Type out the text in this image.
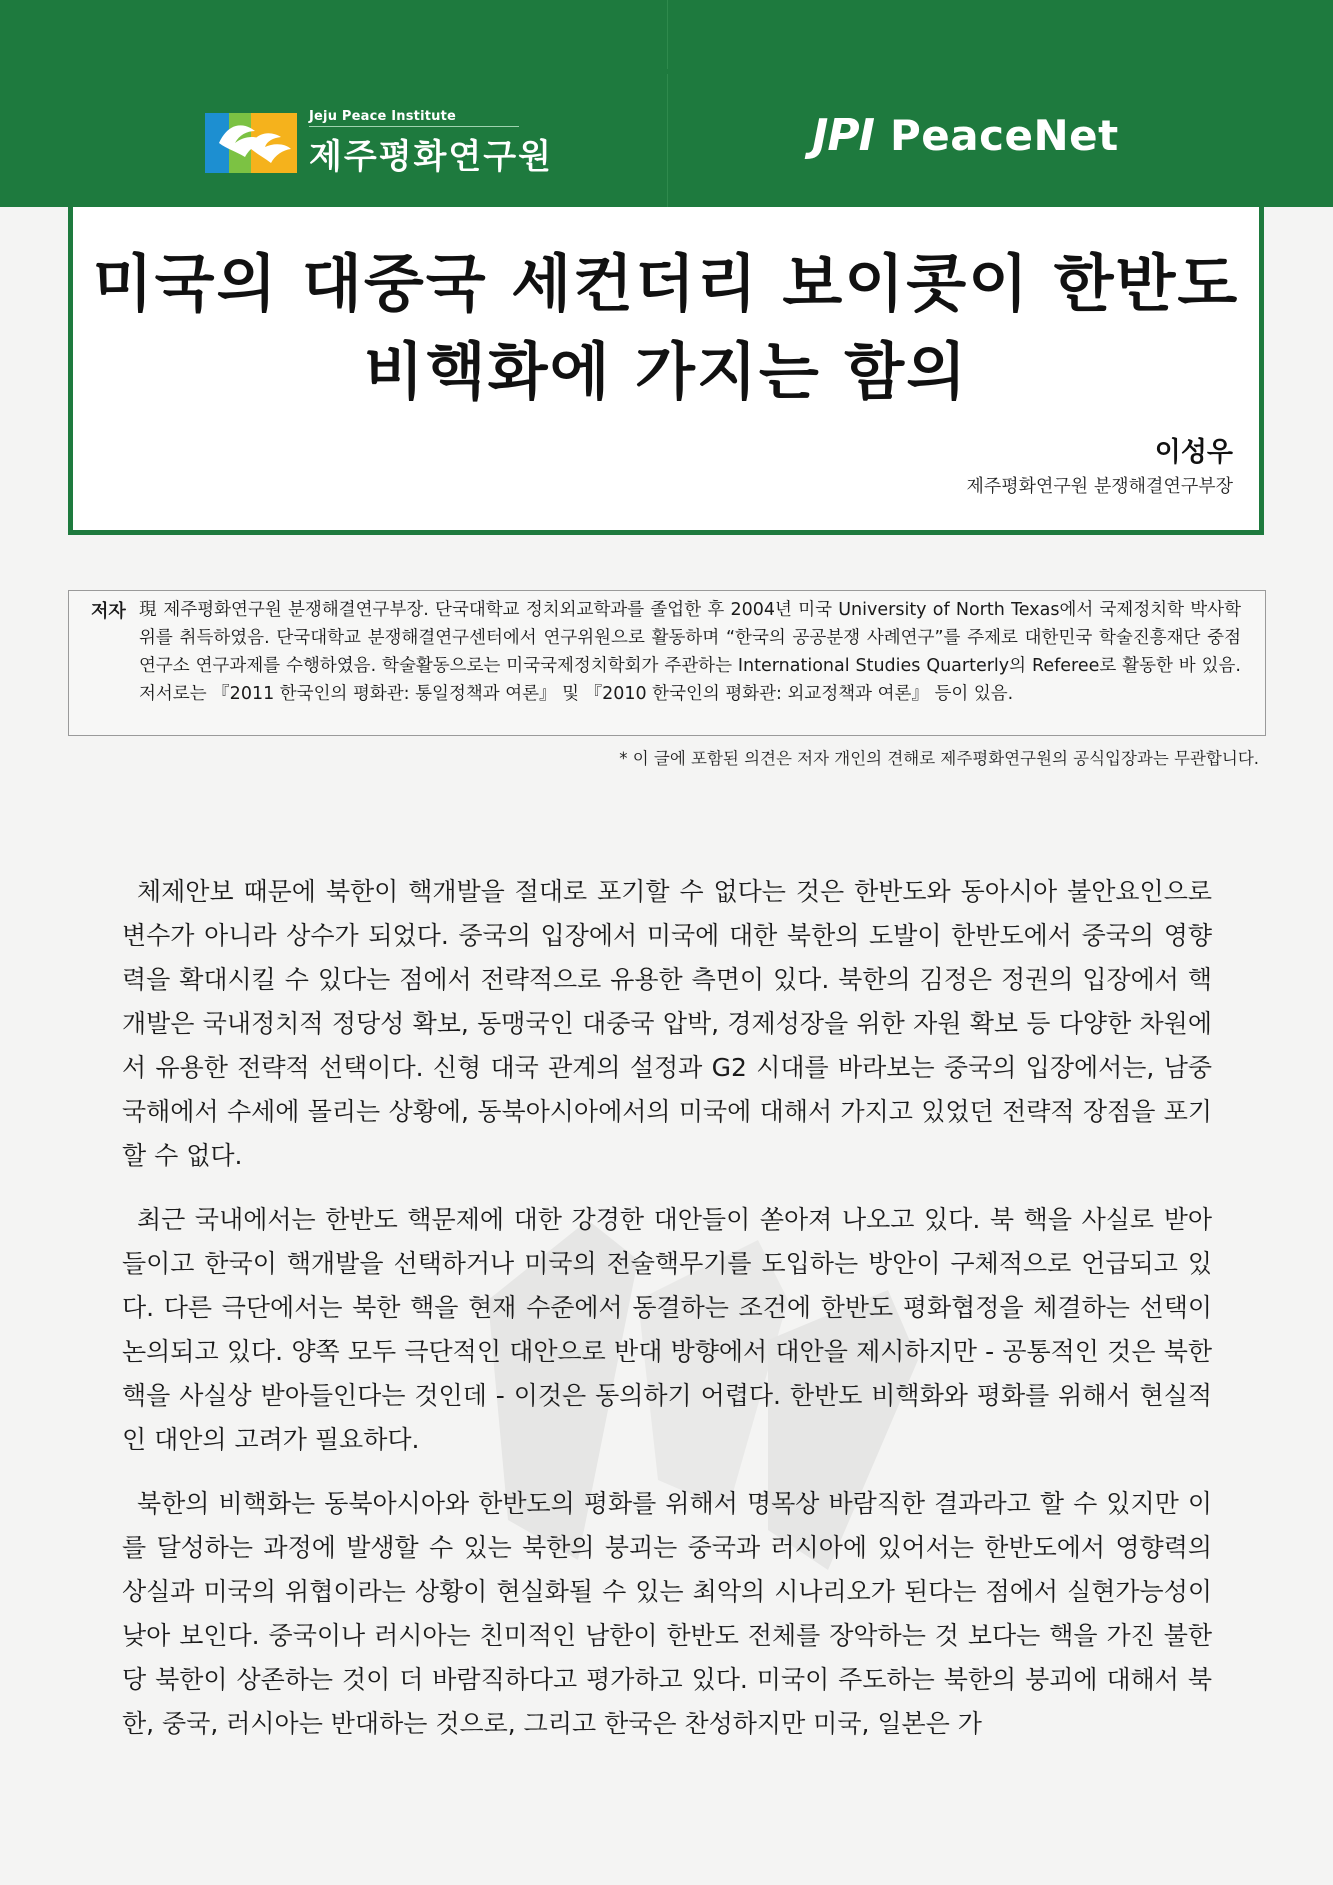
Jeju Peace Institute
제주평화연구원	JPI PeaceNet
미국의 대중국 세컨더리 보이콧이 한반도
비핵화에 가지는 함의
이성우
제주평화연구원 분쟁해결연구부장
저자 現 제주평화연구원 분쟁해결연구부장. 단국대학교 정치외교학과를 졸업한 후 2004년 미국 University of North Texas에서 국제정치학 박사학위를 취득하였음. 단국대학교 분쟁해결연구센터에서 연구위원으로 활동하며 “한국의 공공분쟁 사례연구”를 주제로 대한민국 학술진흥재단 중점연구소 연구과제를 수행하였음. 학술활동으로는 미국국제정치학회가 주관하는 International Studies Quarterly의 Referee로 활동한 바 있음. 저서로는 『2011 한국인의 평화관: 통일정책과 여론』 및 『2010 한국인의 평화관: 외교정책과 여론』 등이 있음.
* 이 글에 포함된 의견은 저자 개인의 견해로 제주평화연구원의 공식입장과는 무관합니다.

체제안보 때문에 북한이 핵개발을 절대로 포기할 수 없다는 것은 한반도와 동아시아 불안요인으로 변수가 아니라 상수가 되었다. 중국의 입장에서 미국에 대한 북한의 도발이 한반도에서 중국의 영향력을 확대시킬 수 있다는 점에서 전략적으로 유용한 측면이 있다. 북한의 김정은 정권의 입장에서 핵개발은 국내정치적 정당성 확보, 동맹국인 대중국 압박, 경제성장을 위한 자원 확보 등 다양한 차원에서 유용한 전략적 선택이다. 신형 대국 관계의 설정과 G2 시대를 바라보는 중국의 입장에서는, 남중국해에서 수세에 몰리는 상황에, 동북아시아에서의 미국에 대해서 가지고 있었던 전략적 장점을 포기할 수 없다.

최근 국내에서는 한반도 핵문제에 대한 강경한 대안들이 쏟아져 나오고 있다. 북 핵을 사실로 받아들이고 한국이 핵개발을 선택하거나 미국의 전술핵무기를 도입하는 방안이 구체적으로 언급되고 있다. 다른 극단에서는 북한 핵을 현재 수준에서 동결하는 조건에 한반도 평화협정을 체결하는 선택이 논의되고 있다. 양쪽 모두 극단적인 대안으로 반대 방향에서 대안을 제시하지만 - 공통적인 것은 북한 핵을 사실상 받아들인다는 것인데 - 이것은 동의하기 어렵다. 한반도 비핵화와 평화를 위해서 현실적인 대안의 고려가 필요하다.

북한의 비핵화는 동북아시아와 한반도의 평화를 위해서 명목상 바람직한 결과라고 할 수 있지만 이를 달성하는 과정에 발생할 수 있는 북한의 붕괴는 중국과 러시아에 있어서는 한반도에서 영향력의 상실과 미국의 위협이라는 상황이 현실화될 수 있는 최악의 시나리오가 된다는 점에서 실현가능성이 낮아 보인다. 중국이나 러시아는 친미적인 남한이 한반도 전체를 장악하는 것 보다는 핵을 가진 불한당 북한이 상존하는 것이 더 바람직하다고 평가하고 있다. 미국이 주도하는 북한의 붕괴에 대해서 북한, 중국, 러시아는 반대하는 것으로, 그리고 한국은 찬성하지만 미국, 일본은 가
